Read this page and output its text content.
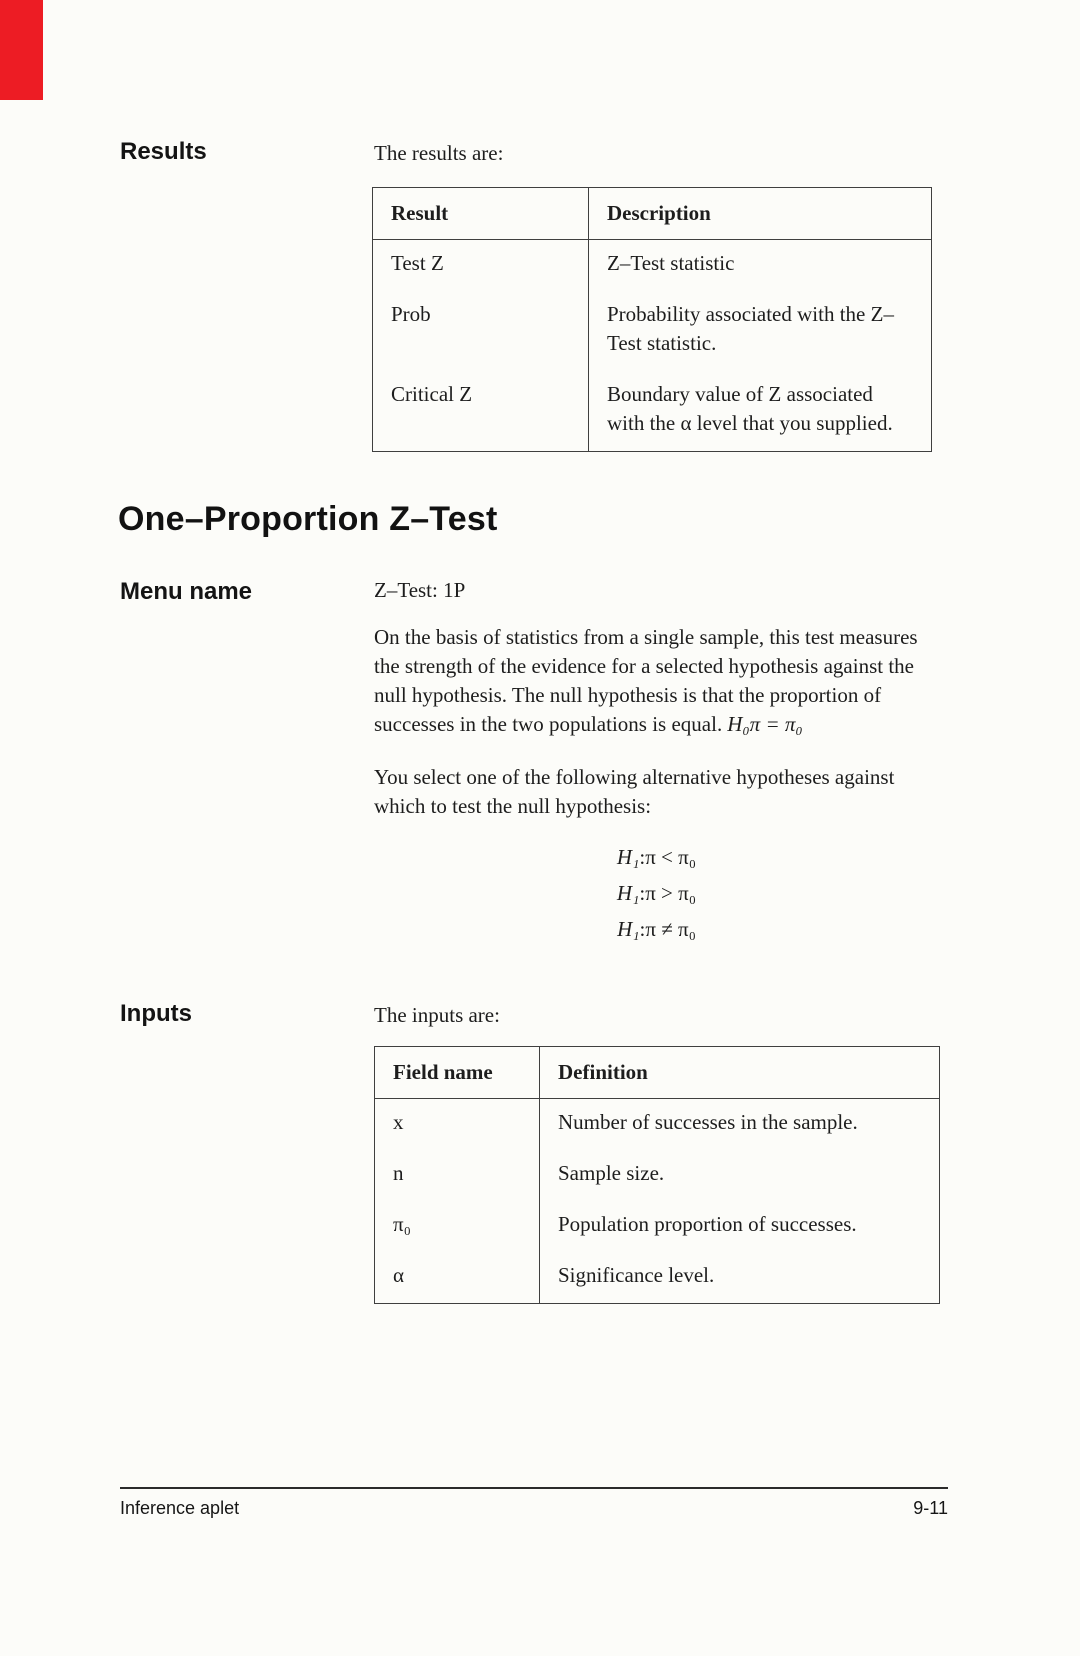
Results	The results are:
Result	Description
Test Z	Z–Test statistic
Prob	Probability associated with the Z–Test statistic.
Critical Z	Boundary value of Z associated with the α level that you supplied.
One–Proportion Z–Test
Menu name	Z–Test: 1P

On the basis of statistics from a single sample, this test measures the strength of the evidence for a selected hypothesis against the null hypothesis. The null hypothesis is that the proportion of successes in the two populations is equal. H₀π = π₀

You select one of the following alternative hypotheses against which to test the null hypothesis:

H₁:π < π₀
H₁:π > π₀
H₁:π ≠ π₀
Inputs	The inputs are:
Field name	Definition
x	Number of successes in the sample.
n	Sample size.
π₀	Population proportion of successes.
α	Significance level.
Inference aplet	9-11
